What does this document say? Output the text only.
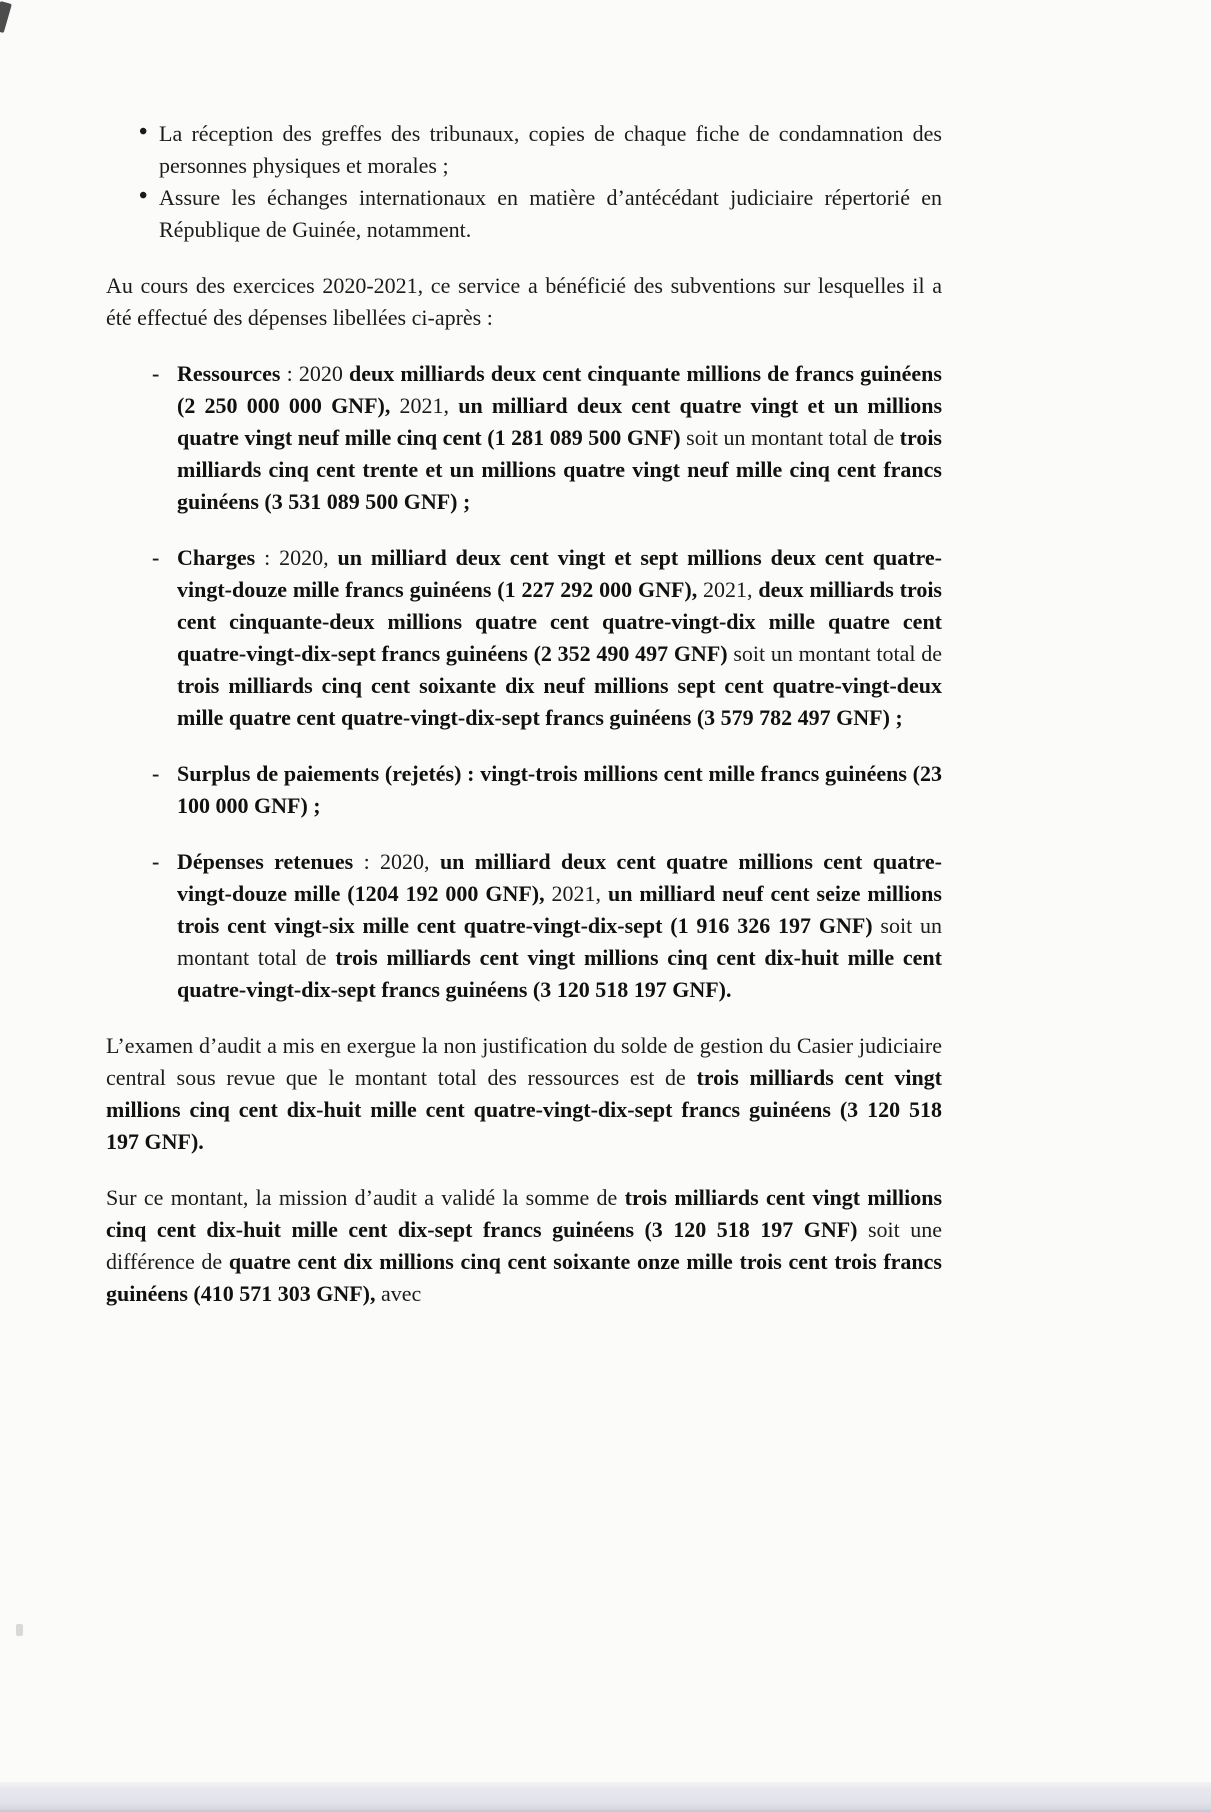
• La réception des greffes des tribunaux, copies de chaque fiche de condamnation des personnes physiques et morales ;
• Assure les échanges internationaux en matière d’antécédant judiciaire répertorié en République de Guinée, notamment.

Au cours des exercices 2020-2021, ce service a bénéficié des subventions sur lesquelles il a été effectué des dépenses libellées ci-après :

- Ressources : 2020 deux milliards deux cent cinquante millions de francs guinéens (2 250 000 000 GNF), 2021, un milliard deux cent quatre vingt et un millions quatre vingt neuf mille cinq cent (1 281 089 500 GNF) soit un montant total de trois milliards cinq cent trente et un millions quatre vingt neuf mille cinq cent francs guinéens (3 531 089 500 GNF) ;
- Charges : 2020, un milliard deux cent vingt et sept millions deux cent quatre-vingt-douze mille francs guinéens (1 227 292 000 GNF), 2021, deux milliards trois cent cinquante-deux millions quatre cent quatre-vingt-dix mille quatre cent quatre-vingt-dix-sept francs guinéens (2 352 490 497 GNF) soit un montant total de trois milliards cinq cent soixante dix neuf millions sept cent quatre-vingt-deux mille quatre cent quatre-vingt-dix-sept francs guinéens (3 579 782 497 GNF) ;
- Surplus de paiements (rejetés) : vingt-trois millions cent mille francs guinéens (23 100 000 GNF) ;
- Dépenses retenues : 2020, un milliard deux cent quatre millions cent quatre-vingt-douze mille (1204 192 000 GNF), 2021, un milliard neuf cent seize millions trois cent vingt-six mille cent quatre-vingt-dix-sept (1 916 326 197 GNF) soit un montant total de trois milliards cent vingt millions cinq cent dix-huit mille cent quatre-vingt-dix-sept francs guinéens (3 120 518 197 GNF).

L’examen d’audit a mis en exergue la non justification du solde de gestion du Casier judiciaire central sous revue que le montant total des ressources est de trois milliards cent vingt millions cinq cent dix-huit mille cent quatre-vingt-dix-sept francs guinéens (3 120 518 197 GNF).

Sur ce montant, la mission d’audit a validé la somme de trois milliards cent vingt millions cinq cent dix-huit mille cent dix-sept francs guinéens (3 120 518 197 GNF) soit une différence de quatre cent dix millions cinq cent soixante onze mille trois cent trois francs guinéens (410 571 303 GNF), avec
